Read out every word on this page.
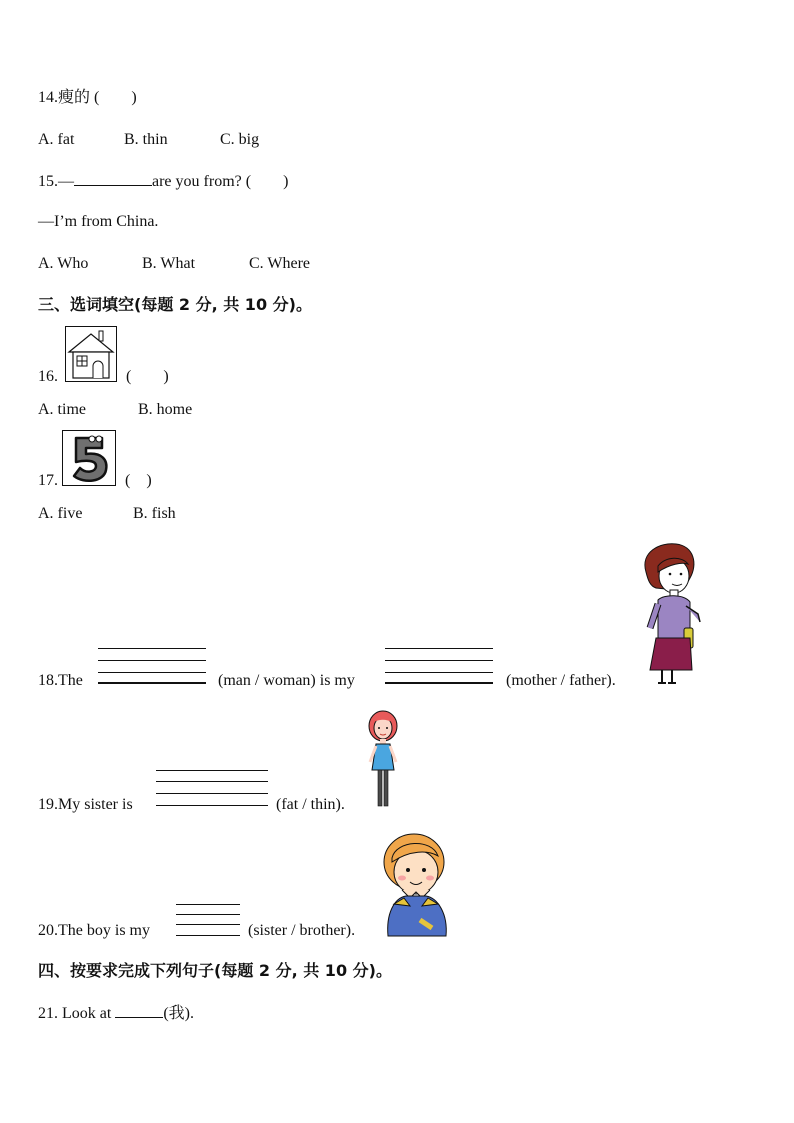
14.瘦的 (　　)
A. fat	B. thin	C. big
15.—	are you from? (　　)
—I’m from China.
A. Who	B. What	C. Where
三、选词填空(每题 2 分, 共 10 分)。
16.	(　　)
A. time	B. home
17.	(　)
A. five	B. fish
18.The	(man / woman) is my	(mother / father).
19.My sister is	(fat / thin).
20.The boy is my	(sister / brother).
四、按要求完成下列句子(每题 2 分, 共 10 分)。
21. Look at	(我).
